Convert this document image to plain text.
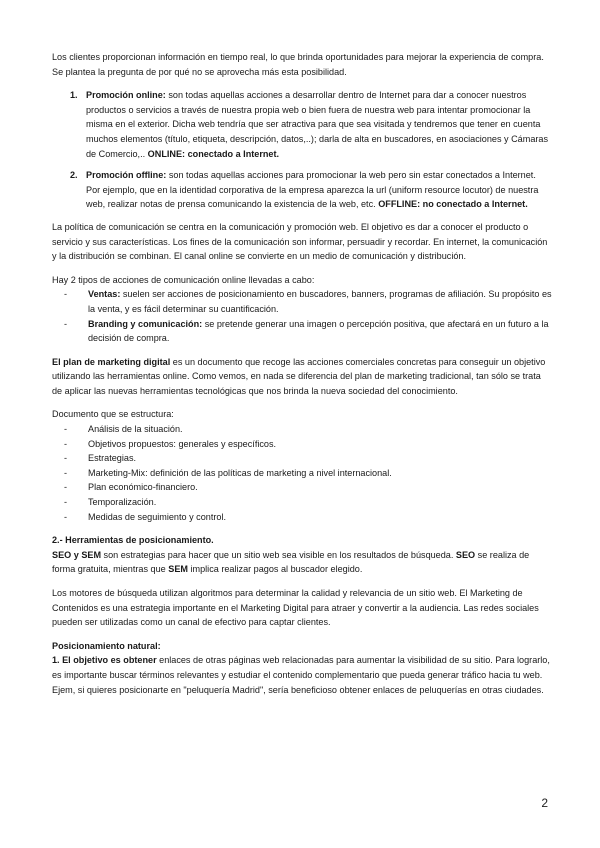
Los clientes proporcionan información en tiempo real, lo que brinda oportunidades para mejorar la experiencia de compra. Se plantea la pregunta de por qué no se aprovecha más esta posibilidad.

1. Promoción online: son todas aquellas acciones a desarrollar dentro de Internet para dar a conocer nuestros productos o servicios a través de nuestra propia web o bien fuera de nuestra web para intentar promocionar la misma en el exterior. Dicha web tendría que ser atractiva para que sea visitada y tendremos que tener en cuenta muchos elementos (título, etiqueta, descripción, datos,..); darla de alta en buscadores, en asociaciones y Cámaras de Comercio,.. ONLINE: conectado a Internet.
2. Promoción offline: son todas aquellas acciones para promocionar la web pero sin estar conectados a Internet. Por ejemplo, que en la identidad corporativa de la empresa aparezca la url (uniform resource locutor) de nuestra web, realizar notas de prensa comunicando la existencia de la web, etc. OFFLINE: no conectado a Internet.

La política de comunicación se centra en la comunicación y promoción web. El objetivo es dar a conocer el producto o servicio y sus características. Los fines de la comunicación son informar, persuadir y recordar. En internet, la comunicación y la distribución se combinan. El canal online se convierte en un medio de comunicación y distribución.

Hay 2 tipos de acciones de comunicación online llevadas a cabo:

- Ventas: suelen ser acciones de posicionamiento en buscadores, banners, programas de afiliación. Su propósito es la venta, y es fácil determinar su cuantificación.
- Branding y comunicación: se pretende generar una imagen o percepción positiva, que afectará en un futuro a la decisión de compra.

El plan de marketing digital es un documento que recoge las acciones comerciales concretas para conseguir un objetivo utilizando las herramientas online. Como vemos, en nada se diferencia del plan de marketing tradicional, tan sólo se trata de aplicar las nuevas herramientas tecnológicas que nos brinda la nueva sociedad del conocimiento.

Documento que se estructura:

- Análisis de la situación.
- Objetivos propuestos: generales y específicos.
- Estrategias.
- Marketing-Mix: definición de las políticas de marketing a nivel internacional.
- Plan económico-financiero.
- Temporalización.
- Medidas de seguimiento y control.

2.- Herramientas de posicionamiento.

SEO y SEM son estrategias para hacer que un sitio web sea visible en los resultados de búsqueda. SEO se realiza de forma gratuita, mientras que SEM implica realizar pagos al buscador elegido.

Los motores de búsqueda utilizan algoritmos para determinar la calidad y relevancia de un sitio web. El Marketing de Contenidos es una estrategia importante en el Marketing Digital para atraer y convertir a la audiencia. Las redes sociales pueden ser utilizadas como un canal de efectivo para captar clientes.

Posicionamiento natural:

1. El objetivo es obtener enlaces de otras páginas web relacionadas para aumentar la visibilidad de su sitio. Para lograrlo, es importante buscar términos relevantes y estudiar el contenido complementario que pueda generar tráfico hacia tu web. Ejem, si quieres posicionarte en "peluquería Madrid", sería beneficioso obtener enlaces de peluquerías en otras ciudades.

2
